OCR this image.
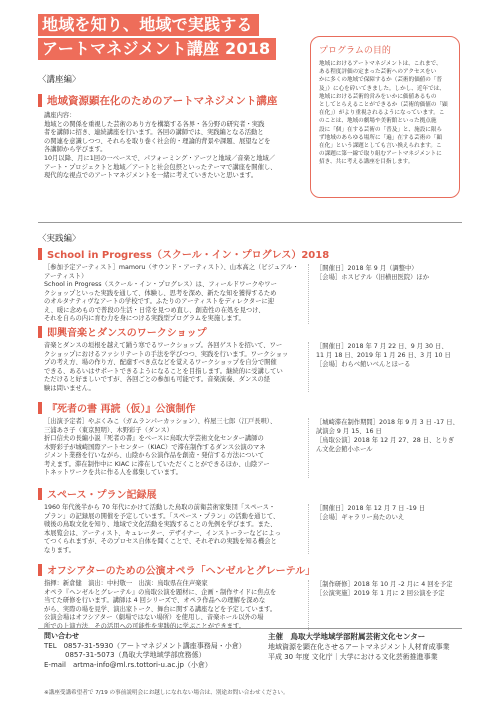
地域を知り、地域で実践する
アートマネジメント講座 2018
〈講座編〉
地域資源顕在化のためのアートマネジメント講座

講座内容：

地域との関係を重視した芸術のあり方を構築する各界・各分野の研究者・実践

者を講師に招き、連続講座を行います。各回の講師では、実践編となる活動と

の関連を意識しつつ、それらを取り巻く社会的・理論的背景や課題、展望などを

各講師から学びます。

10月以降、月に1回の一ベースで、パフォーミング・アーツと地域／音楽と地域／

アート・プロジェクトと地域／アートと社会包摂といったテーマで講座を開催し、

現代的な視点でのアートマネジメントを一緒に考えていきたいと思います。

プログラムの目的
地域におけるアートマネジメントは、これまで、
ある程度評価の定まった芸術へのアクセスをい
かに多くの地域で保障するか（芸術的価値の「普
及」）に心を砕いてきました。しかし、近年では、
地域における芸術的営みをいかに価値あるもの
としてとらえることができるか（芸術的価値の「顕
在化」）がより重視されるようになっています。こ
のことは、地域の劇場や美術館といった拠点施
設に「個」在する芸術の「普及」と、施設に限ら
ず地域のあらゆる場所に「遍」在する芸術の「顕
在化」という課題としても言い換えられます。こ
の課題に第一線で取り組むアートマネジメントに
招き、共に考える講座を目指します。
〈実践編〉
School in Progress（スクール・イン・プログレス）2018
［参加予定アーティスト］mamoru（サウンド・アーティスト）、山本高之（ビジュアル・
アーティスト）
School in Progress（スクール・イン・プログレス）は、フィールドワークやワー
クショップといった実践を通して、体験し、思考を深め、新たな知を獲得するため
のオルタナティヴなアートの学校です。ふたりのアーティストをディレクターに迎
え、暖に念めもので普段の生活・日常を見つめ直し、創造性の在処を見つけ、
それを自らの内に育む力を身につける実践型プログラムを実施します。
［開催日］2018 年 9 月（調整中）
［会場］ホスピテル（旧横田医院）ほか
即興音楽とダンスのワークショップ
音楽とダンスの垣根を越えて踊う寒でるワークショップ。各回ゲストを招いて、ワー
クショップにおけるファシリテートの手法を学びつつ、実践を行います。ワークショッ
プの考え方、場の作り方、配慮すべき点などを覚えるワークショップを自分で開催
できる、あるいはサポートできるようになることを目指します。継続的に受講してい
ただけると好ましいですが、各回ごとの参加も可能です。音楽演奏、ダンスの経
験は問いません。
［開催日］2018 年 7 月 22 日、9 月 30 日、
11 月 18 日、2019 年 1 月 26 日、3 月 10 日
［会場］わらべ館いべんとほーる
『死者の書 再読（仮）』公演制作
［出演予定者］やぶくみこ（ガムランパーカッション）、杵屋三七郎（江戸長唄）、
三浦あさ子（東京照明）、木野彩子（ダンス）
折口信夫の長編小説『死者の書』をベースに鳥取大学芸術文化センター講師の
木野彩子が城崎国際アートセンター（KIAC）で滞在制作するダンス公演のマネ
ジメント業務を行いながら、山陰から公演作品を創造・発信する方法について
考えます。滞在制作中に KIAC に滞在していただくことができるほか、山陰アー
トネットワークを共に作る人を募集しています。
［城崎滞在制作期間］2018 年 9 月 3 日 -17 日、
試演会 9 月 15、16 日
［鳥取公演］2018 年 12 月 27、28 日、とりぎ
ん文化会館小ホール
スペース・プラン記録展
1960 年代後半から 70 年代にかけて活動した鳥取の前衛芸術家集団「スペース・
プラン」の記録展の開催を予定しています。「スペース・プラン」の活動を通じて、
戦後の鳥取文化を知り、地域で文化活動を実践することの先例を学びます。また、
本展覧会は、アーティスト、キュレーター、デザイナー、インストーラーなどによっ
てつくられますが、そのプロセス自体を聞くことで、それぞれの実践を知る機会と
なります。
［開催日］2018 年 12 月 7 日 -19 日
［会場］ギャラリー鳥たのいえ
オフシアターのための公演オペラ「ヘンゼルとグレーテル」
指揮：新倉健　演出：中村敬一　出演：鳥取県在住声楽家
オペラ『ヘンゼルとグレーテル』の鳥取公演を題材に、企画・制作サイドに焦点を
当てた研修を行います。講師は 4 回シリーズで、オペラ作品への理解を深めな
がら、実際の場を見学、演出家トーク、舞台に関する講座などを予定しています。
公演会場はオフシアター（劇場ではない場所）を使用し、音楽ホール以外の場
所での上演方法、その活用への可能性を実践的に学ぶことができます。
［制作研修］2018 年 10 月 -2 月に 4 回を予定
［公演実施］2019 年 1 月に 2 回公演を予定
問い合わせ
TEL　0857-31-5930（アートマネジメント講座事務局・小倉）
　　　0857-31-5073（鳥取大学地域学部庶務係）
E-mail　artma-info@ml.rs.tottori-u.ac.jp（小倉）
主催　 鳥取大学地域学部附属芸術文化センター
地域資源を顕在化させるアートマネジメント人材育成事業
平成 30 年度 文化庁｜大学における文化芸術推進事業
※講座受講希望者で 7/19 の事前説明会にお越しになれない場合は、別途お問い合わせください。
